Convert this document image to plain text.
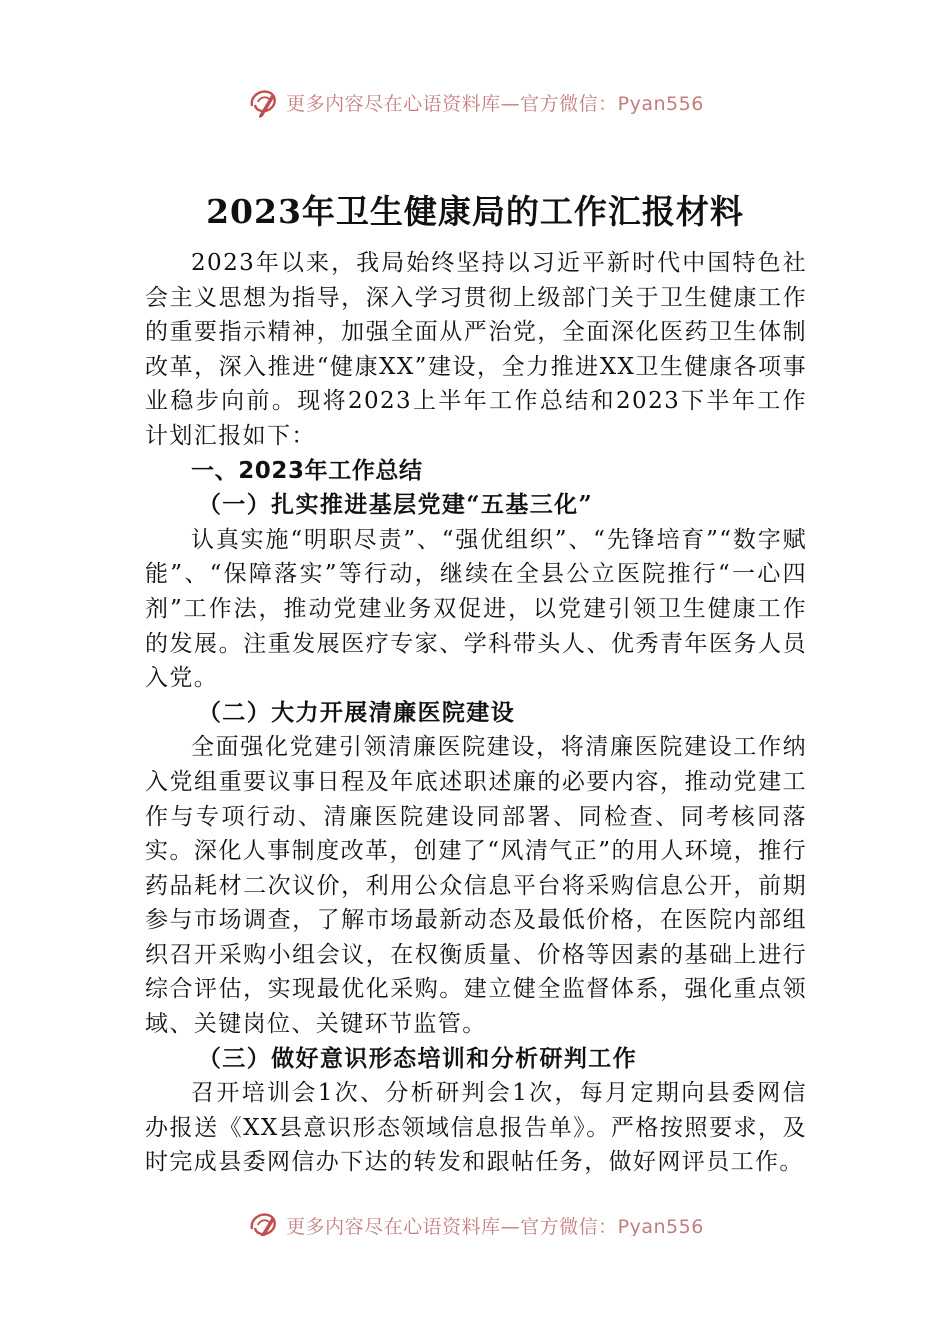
更多内容尽在心语资料库—官方微信：Pyan556
2023年卫生健康局的工作汇报材料

2023年以来，我局始终坚持以习近平新时代中国特色社会主义思想为指导，深入学习贯彻上级部门关于卫生健康工作的重要指示精神，加强全面从严治党，全面深化医药卫生体制改革，深入推进“健康XX”建设，全力推进XX卫生健康各项事业稳步向前。现将2023上半年工作总结和2023下半年工作计划汇报如下：

一、2023年工作总结

（一）扎实推进基层党建“五基三化”

认真实施“明职尽责”、“强优组织”、“先锋培育”“数字赋能”、“保障落实”等行动，继续在全县公立医院推行“一心四剂”工作法，推动党建业务双促进，以党建引领卫生健康工作的发展。注重发展医疗专家、学科带头人、优秀青年医务人员入党。

（二）大力开展清廉医院建设

全面强化党建引领清廉医院建设，将清廉医院建设工作纳入党组重要议事日程及年底述职述廉的必要内容，推动党建工作与专项行动、清廉医院建设同部署、同检查、同考核同落实。深化人事制度改革，创建了“风清气正”的用人环境，推行药品耗材二次议价，利用公众信息平台将采购信息公开，前期参与市场调查，了解市场最新动态及最低价格，在医院内部组织召开采购小组会议，在权衡质量、价格等因素的基础上进行综合评估，实现最优化采购。建立健全监督体系，强化重点领域、关键岗位、关键环节监管。

（三）做好意识形态培训和分析研判工作

召开培训会1次、分析研判会1次，每月定期向县委网信办报送《XX县意识形态领域信息报告单》。严格按照要求，及时完成县委网信办下达的转发和跟帖任务，做好网评员工作。

更多内容尽在心语资料库—官方微信：Pyan556
